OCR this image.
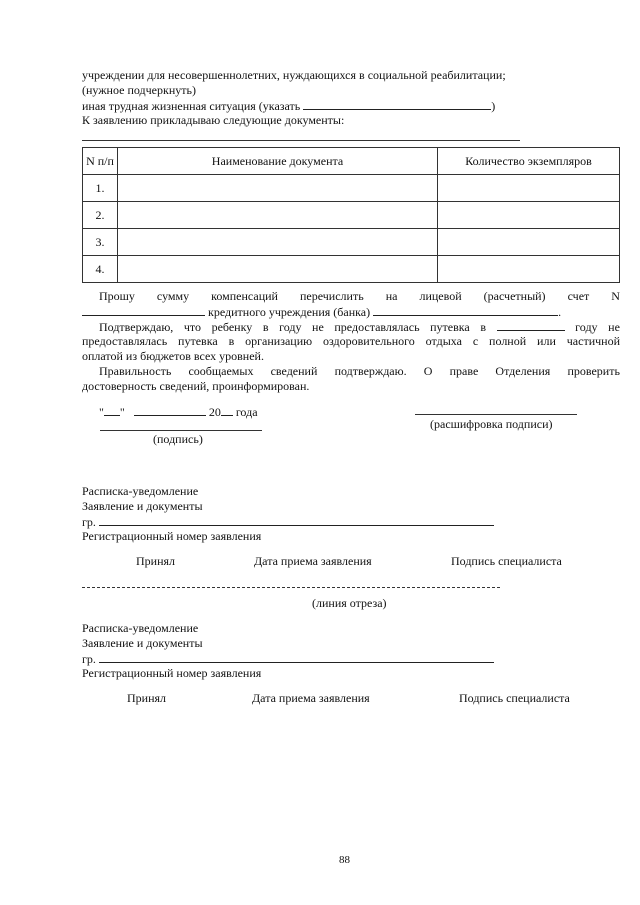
учреждении для несовершеннолетних, нуждающихся в социальной реабилитации;
(нужное подчеркнуть)
иная трудная жизненная ситуация (указать	)
К заявлению прикладываю следующие документы:
N п/п	Наименование документа	Количество экземпляров
1.		
2.		
3.		
4.		
Прошу сумму компенсаций перечислить на лицевой (расчетный) счет N
кредитного учреждения (банка)	.
Подтверждаю, что ребенку в году не предоставлялась путевка в	году не
предоставлялась путевка в организацию оздоровительного отдыха с полной или частичной
оплатой из бюджетов всех уровней.
Правильность сообщаемых сведений подтверждаю. О праве Отделения проверить
достоверность сведений, проинформирован.
" "	20 года
(расшифровка подписи)
(подпись)
Расписка-уведомление
Заявление и документы
гр.
Регистрационный номер заявления
Принял	Дата приема заявления	Подпись специалиста
(линия отреза)
Расписка-уведомление
Заявление и документы
гр.
Регистрационный номер заявления
Принял	Дата приема заявления	Подпись специалиста
88
